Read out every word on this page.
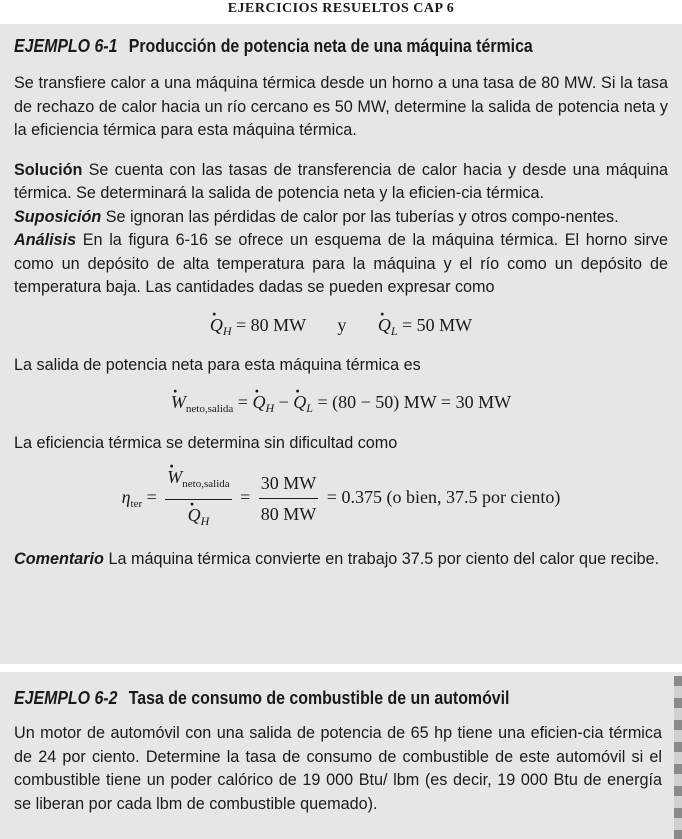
EJERCICIOS RESUELTOS CAP 6
EJEMPLO 6-1 Producción de potencia neta de una máquina térmica

Se transfiere calor a una máquina térmica desde un horno a una tasa de 80 MW. Si la tasa de rechazo de calor hacia un río cercano es 50 MW, determine la salida de potencia neta y la eficiencia térmica para esta máquina térmica.

Solución Se cuenta con las tasas de transferencia de calor hacia y desde una máquina térmica. Se determinará la salida de potencia neta y la eficien-cia térmica.

Suposición Se ignoran las pérdidas de calor por las tuberías y otros compo-nentes.

Análisis En la figura 6-16 se ofrece un esquema de la máquina térmica. El horno sirve como un depósito de alta temperatura para la máquina y el río como un depósito de temperatura baja. Las cantidades dadas se pueden expresar como

· $Q_H = 80$ MW y       · $Q_L = 50$ MW

La salida de potencia neta para esta máquina térmica es

· $W_{neto,salida}$ = · $Q_H$ − · $Q_L = (80 - 50)$ MW = 30 MW

La eficiencia térmica se determina sin dificultad como

$\eta_{ter}$ =
· $W_{neto,salida}$
· $Q_H = \frac{30 MW}{80 MW} = 0.375$ (o bien, 37.5 por ciento)

Comentario La máquina térmica convierte en trabajo 37.5 por ciento del calor que recibe.

EJEMPLO 6-2 Tasa de consumo de combustible de un automóvil

Un motor de automóvil con una salida de potencia de 65 hp tiene una eficien-cia térmica de 24 por ciento. Determine la tasa de consumo de combustible de este automóvil si el combustible tiene un poder calórico de 19 000 Btu/ lbm (es decir, 19 000 Btu de energía se liberan por cada lbm de combustible quemado).
